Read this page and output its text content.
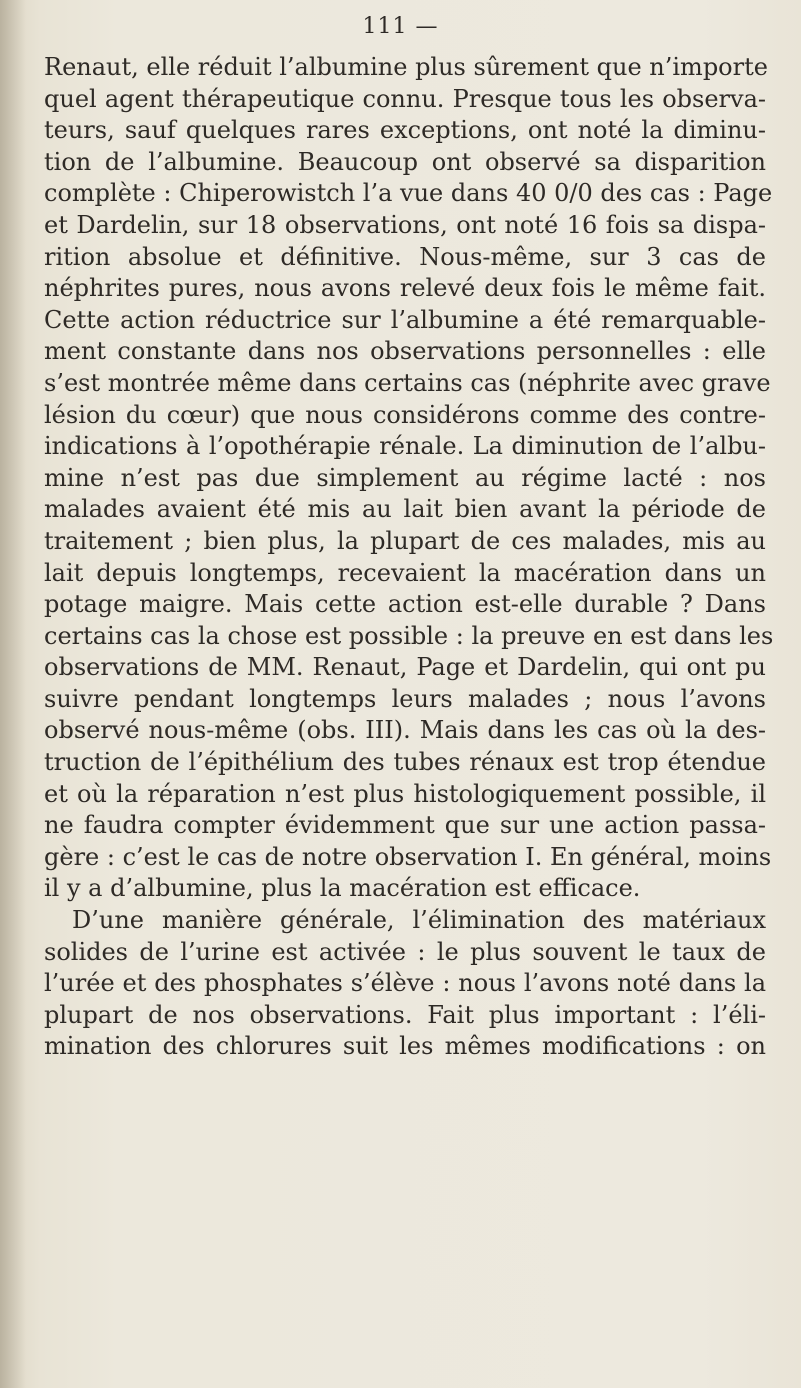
111 —

Renaut, elle réduit l’albumine plus sûrement que n’importe
quel agent thérapeutique connu. Presque tous les observa-
teurs, sauf quelques rares exceptions, ont noté la diminu-
tion de l’albumine. Beaucoup ont observé sa disparition
complète : Chiperowistch l’a vue dans 40 0/0 des cas : Page
et Dardelin, sur 18 observations, ont noté 16 fois sa dispa-
rition absolue et définitive. Nous-même, sur 3 cas de
néphrites pures, nous avons relevé deux fois le même fait.
Cette action réductrice sur l’albumine a été remarquable-
ment constante dans nos observations personnelles : elle
s’est montrée même dans certains cas (néphrite avec grave
lésion du cœur) que nous considérons comme des contre-
indications à l’opothérapie rénale. La diminution de l’albu-
mine n’est pas due simplement au régime lacté : nos
malades avaient été mis au lait bien avant la période de
traitement ; bien plus, la plupart de ces malades, mis au
lait depuis longtemps, recevaient la macération dans un
potage maigre. Mais cette action est-elle durable ? Dans
certains cas la chose est possible : la preuve en est dans les
observations de MM. Renaut, Page et Dardelin, qui ont pu
suivre pendant longtemps leurs malades ; nous l’avons
observé nous-même (obs. III). Mais dans les cas où la des-
truction de l’épithélium des tubes rénaux est trop étendue
et où la réparation n’est plus histologiquement possible, il
ne faudra compter évidemment que sur une action passa-
gère : c’est le cas de notre observation I. En général, moins
il y a d’albumine, plus la macération est efficace.

D’une manière générale, l’élimination des matériaux
solides de l’urine est activée : le plus souvent le taux de
l’urée et des phosphates s’élève : nous l’avons noté dans la
plupart de nos observations. Fait plus important : l’éli-
mination des chlorures suit les mêmes modifications : on
